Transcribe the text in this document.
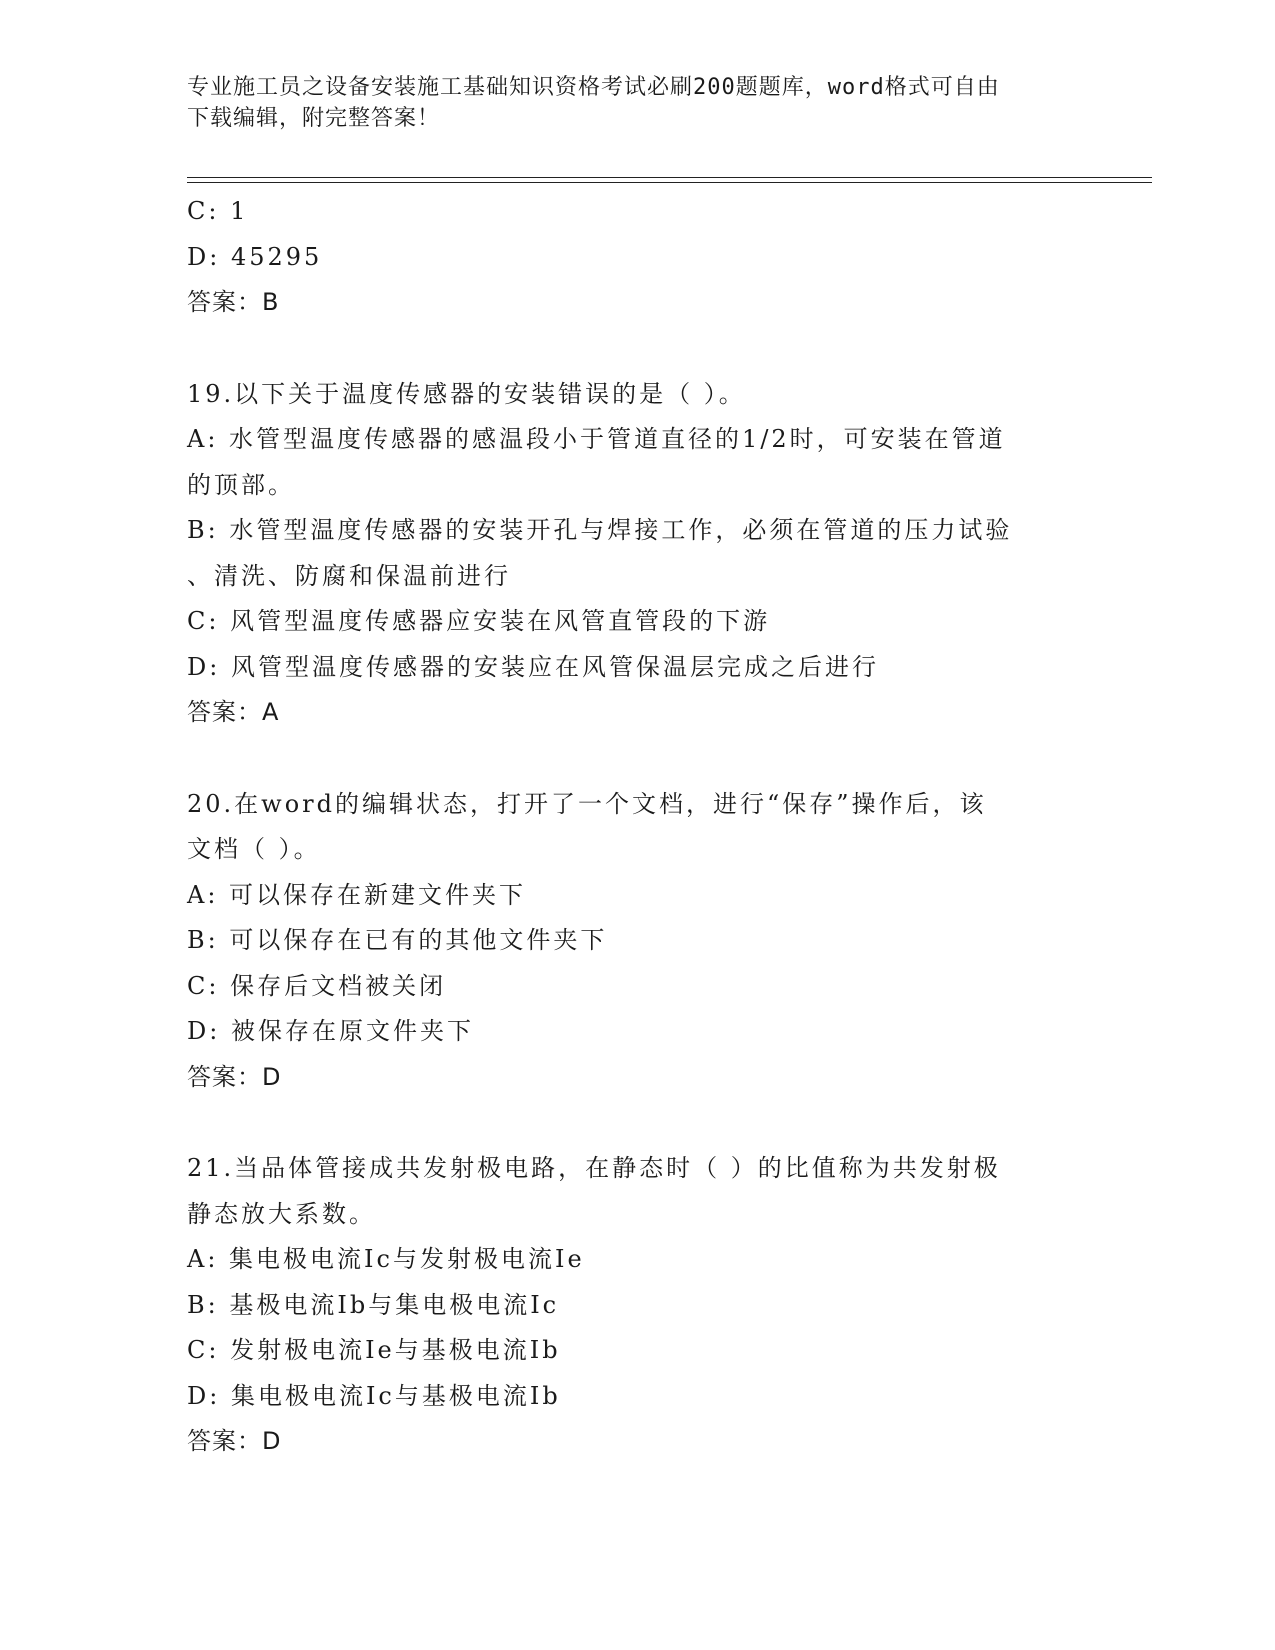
专业施工员之设备安装施工基础知识资格考试必刷200题题库，word格式可自由
下载编辑，附完整答案！
C: 1
D: 45295
答案：B
19.以下关于温度传感器的安装错误的是（ ）。
A: 水管型温度传感器的感温段小于管道直径的1/2时，可安装在管道
的顶部。
B: 水管型温度传感器的安装开孔与焊接工作，必须在管道的压力试验
、清洗、防腐和保温前进行
C: 风管型温度传感器应安装在风管直管段的下游
D: 风管型温度传感器的安装应在风管保温层完成之后进行
答案：A
20.在word的编辑状态，打开了一个文档，进行“保存”操作后，该
文档（ ）。
A: 可以保存在新建文件夹下
B: 可以保存在已有的其他文件夹下
C: 保存后文档被关闭
D: 被保存在原文件夹下
答案：D
21.当品体管接成共发射极电路，在静态时（ ）的比值称为共发射极
静态放大系数。
A: 集电极电流Ic与发射极电流Ie
B: 基极电流Ib与集电极电流Ic
C: 发射极电流Ie与基极电流Ib
D: 集电极电流Ic与基极电流Ib
答案：D
